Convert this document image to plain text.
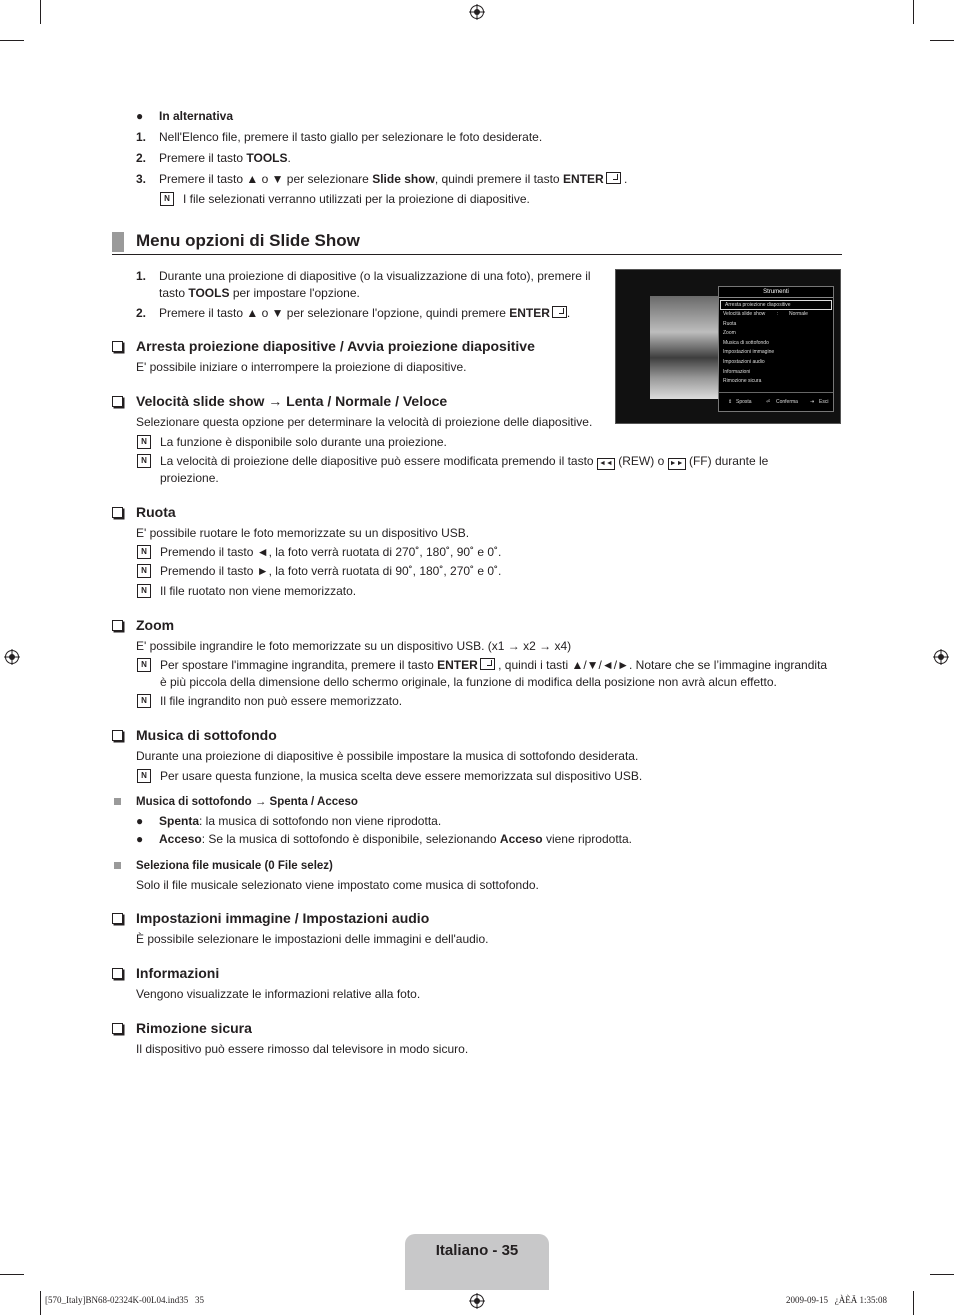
● In alternativa
1. Nell'Elenco file, premere il tasto giallo per selezionare le foto desiderate.
2. Premere il tasto TOOLS.
3. Premere il tasto ▲ o ▼ per selezionare Slide show, quindi premere il tasto ENTER .
N	I file selezionati verranno utilizzati per la proiezione di diapositive.
Menu opzioni di Slide Show
1. Durante una proiezione di diapositive (o la visualizzazione di una foto), premere il
tasto TOOLS per impostare l'opzione.
2. Premere il tasto ▲ o ▼ per selezionare l'opzione, quindi premere ENTER .
Strumenti
Arresta proiezione diapositive
Velocità slide show : Normale
Ruota
Zoom
Musica di sottofondo
Impostazioni immagine
Impostazioni audio
Informazioni
Rimozione sicura
⇕ Sposta	⏎ Conferma ⇥ Esci
Arresta proiezione diapositive / Avvia proiezione diapositive
E' possibile iniziare o interrompere la proiezione di diapositive.
Velocità slide show → Lenta / Normale / Veloce
Selezionare questa opzione per determinare la velocità di proiezione delle diapositive.
N	La funzione è disponibile solo durante una proiezione.
N	La velocità di proiezione delle diapositive può essere modificata premendo il tasto ◄◄ (REW) o ►► (FF) durante le
proiezione.
Ruota
E' possibile ruotare le foto memorizzate su un dispositivo USB.
N	Premendo il tasto ◄, la foto verrà ruotata di 270˚, 180˚, 90˚ e 0˚.
N	Premendo il tasto ►, la foto verrà ruotata di 90˚, 180˚, 270˚ e 0˚.
N	Il file ruotato non viene memorizzato.
Zoom
E' possibile ingrandire le foto memorizzate su un dispositivo USB. (x1 → x2 → x4)
N	Per spostare l'immagine ingrandita, premere il tasto ENTER , quindi i tasti ▲/▼/◄/►. Notare che se l’immagine ingrandita
è più piccola della dimensione dello schermo originale, la funzione di modifica della posizione non avrà alcun effetto.
N	Il file ingrandito non può essere memorizzato.
Musica di sottofondo
Durante una proiezione di diapositive è possibile impostare la musica di sottofondo desiderata.
N	Per usare questa funzione, la musica scelta deve essere memorizzata sul dispositivo USB.
Musica di sottofondo → Spenta / Acceso
● Spenta: la musica di sottofondo non viene riprodotta.
● Acceso: Se la musica di sottofondo è disponibile, selezionando Acceso viene riprodotta.
Seleziona file musicale (0 File selez)
Solo il file musicale selezionato viene impostato come musica di sottofondo.
Impostazioni immagine / Impostazioni audio
È possibile selezionare le impostazioni delle immagini e dell'audio.
Informazioni
Vengono visualizzate le informazioni relative alla foto.
Rimozione sicura
Il dispositivo può essere rimosso dal televisore in modo sicuro.
Italiano - 35
[570_Italy]BN68-02324K-00L04.ind35   35	2009-09-15   ¿ÀÈÄ 1:35:08
